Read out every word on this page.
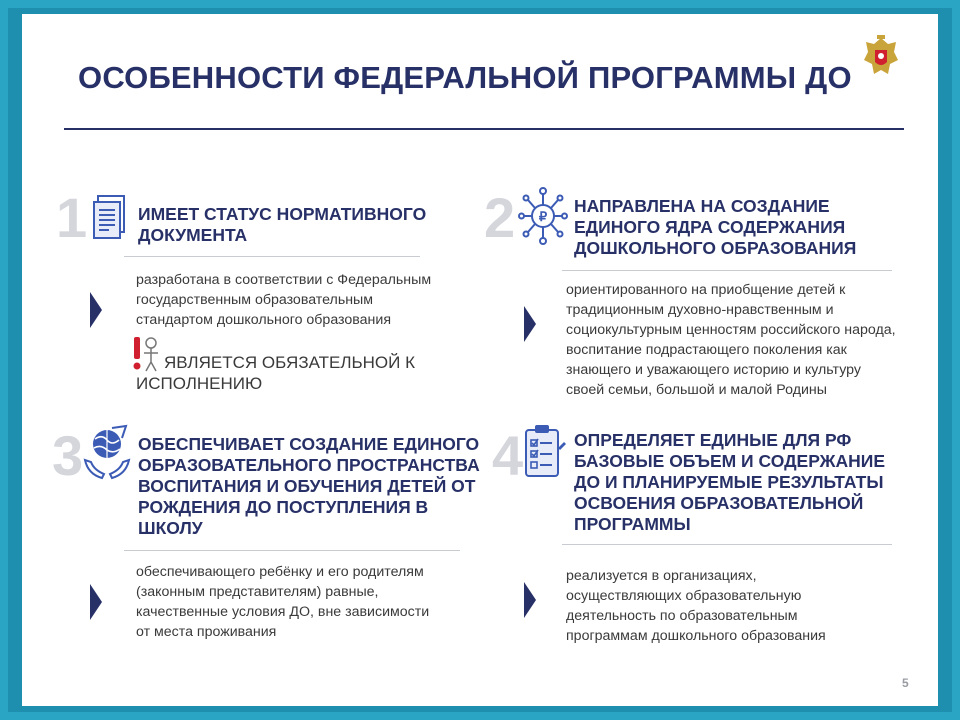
ОСОБЕННОСТИ ФЕДЕРАЛЬНОЙ ПРОГРАММЫ ДО
1	ИМЕЕТ СТАТУС НОРМАТИВНОГО
ДОКУМЕНТА
разработана в соответствии с Федеральным
государственным образовательным
стандартом дошкольного образования
ЯВЛЯЕТСЯ ОБЯЗАТЕЛЬНОЙ К
ИСПОЛНЕНИЮ
2 ₽
НАПРАВЛЕНА НА СОЗДАНИЕ
ЕДИНОГО ЯДРА СОДЕРЖАНИЯ
ДОШКОЛЬНОГО ОБРАЗОВАНИЯ
ориентированного на приобщение детей к
традиционным духовно-нравственным и
социокультурным ценностям российского народа,
воспитание подрастающего поколения как
знающего и уважающего историю и культуру
своей семьи, большой и малой Родины
3	ОБЕСПЕЧИВАЕТ СОЗДАНИЕ ЕДИНОГО
ОБРАЗОВАТЕЛЬНОГО ПРОСТРАНСТВА
ВОСПИТАНИЯ И ОБУЧЕНИЯ ДЕТЕЙ ОТ
РОЖДЕНИЯ ДО ПОСТУПЛЕНИЯ В
ШКОЛУ
обеспечивающего ребёнку и его родителям
(законным представителям) равные,
качественные условия ДО, вне зависимости
от места проживания
4	ОПРЕДЕЛЯЕТ ЕДИНЫЕ ДЛЯ РФ
БАЗОВЫЕ ОБЪЕМ И СОДЕРЖАНИЕ
ДО И ПЛАНИРУЕМЫЕ РЕЗУЛЬТАТЫ
ОСВОЕНИЯ ОБРАЗОВАТЕЛЬНОЙ
ПРОГРАММЫ
реализуется в организациях,
осуществляющих образовательную
деятельность по образовательным
программам дошкольного образования
5
